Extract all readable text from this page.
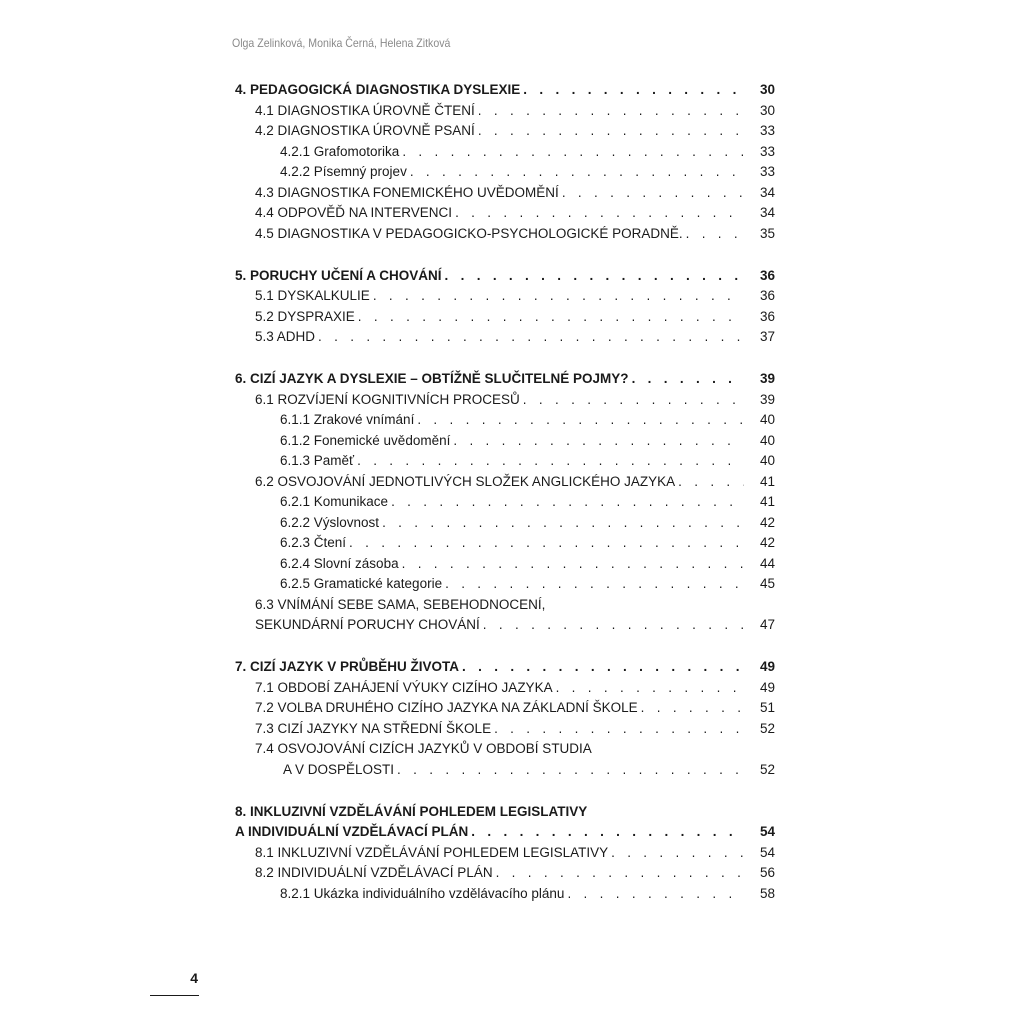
Olga Zelinková, Monika Černá, Helena Zitková
4. PEDAGOGICKÁ DIAGNOSTIKA DYSLEXIE . . .	30
4.1 DIAGNOSTIKA ÚROVNĚ ČTENÍ . . .	30
4.2 DIAGNOSTIKA ÚROVNĚ PSANÍ . . .	33
4.2.1 Grafomotorika . . .	33
4.2.2 Písemný projev . . .	33
4.3 DIAGNOSTIKA FONEMICKÉHO UVĚDOMĚNÍ . . .	34
4.4 ODPOVĚĎ NA INTERVENCI . . .	34
4.5 DIAGNOSTIKA V PEDAGOGICKO-PSYCHOLOGICKÉ PORADNĚ. . . .	35
5. PORUCHY UČENÍ A CHOVÁNÍ . . .	36
5.1 DYSKALKULIE . . .	36
5.2 DYSPRAXIE . . .	36
5.3 ADHD . . .	37
6. CIZÍ JAZYK A DYSLEXIE – OBTÍŽNĚ SLUČITELNÉ POJMY? . . .	39
6.1 ROZVÍJENÍ KOGNITIVNÍCH PROCESŮ . . .	39
6.1.1 Zrakové vnímání . . .	40
6.1.2 Fonemické uvědomění . . .	40
6.1.3 Paměť . . .	40
6.2 OSVOJOVÁNÍ JEDNOTLIVÝCH SLOŽEK ANGLICKÉHO JAZYKA . . .	41
6.2.1 Komunikace . . .	41
6.2.2 Výslovnost . . .	42
6.2.3 Čtení . . .	42
6.2.4 Slovní zásoba . . .	44
6.2.5 Gramatické kategorie . . .	45
6.3 VNÍMÁNÍ SEBE SAMA, SEBEHODNOCENÍ,
SEKUNDÁRNÍ PORUCHY CHOVÁNÍ . . .	47
7. CIZÍ JAZYK V PRŮBĚHU ŽIVOTA . . .	49
7.1 OBDOBÍ ZAHÁJENÍ VÝUKY CIZÍHO JAZYKA . . .	49
7.2 VOLBA DRUHÉHO CIZÍHO JAZYKA NA ZÁKLADNÍ ŠKOLE . . .	51
7.3 CIZÍ JAZYKY NA STŘEDNÍ ŠKOLE . . .	52
7.4 OSVOJOVÁNÍ CIZÍCH JAZYKŮ V OBDOBÍ STUDIA
A V DOSPĚLOSTI . . .	52
8. INKLUZIVNÍ VZDĚLÁVÁNÍ POHLEDEM LEGISLATIVY
A INDIVIDUÁLNÍ VZDĚLÁVACÍ PLÁN . . .	54
8.1 INKLUZIVNÍ VZDĚLÁVÁNÍ POHLEDEM LEGISLATIVY . . .	54
8.2 INDIVIDUÁLNÍ VZDĚLÁVACÍ PLÁN . . .	56
8.2.1 Ukázka individuálního vzdělávacího plánu . . .	58
4
